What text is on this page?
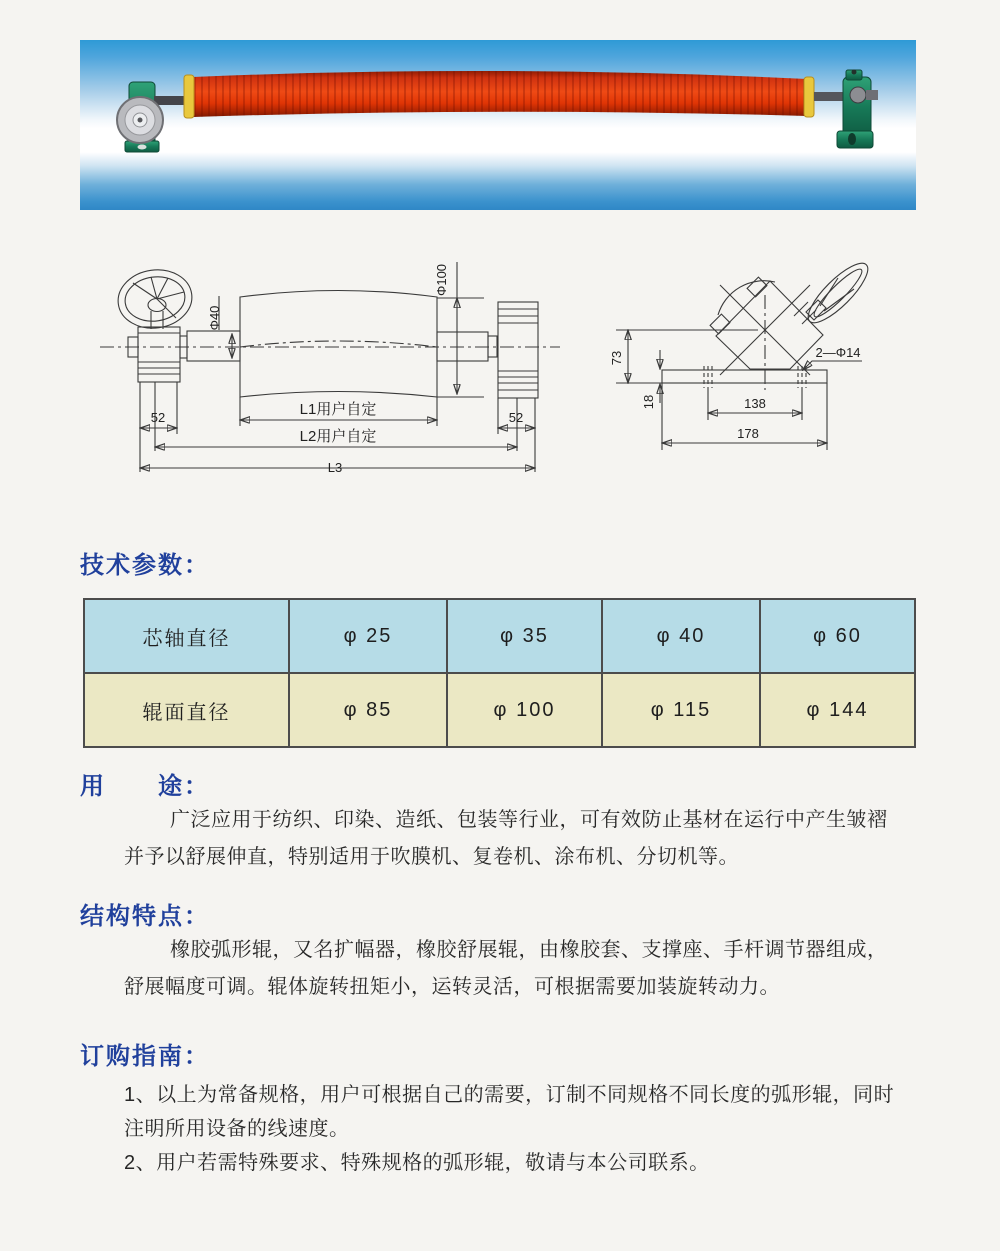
Φ40
Φ100
52	52
L1用户自定
L2用户自定
L3
73
18	138
178
2—Φ14
技术参数：
芯轴直径	φ 25	φ 35	φ 40	φ 60
辊面直径	φ 85	φ 100	φ 115	φ 144
用　　途：
广泛应用于纺织、印染、造纸、包装等行业，可有效防止基材在运行中产生皱褶
并予以舒展伸直，特别适用于吹膜机、复卷机、涂布机、分切机等。
结构特点：
橡胶弧形辊，又名扩幅器，橡胶舒展辊，由橡胶套、支撑座、手杆调节器组成，
舒展幅度可调。辊体旋转扭矩小，运转灵活，可根据需要加装旋转动力。
订购指南：
1、以上为常备规格，用户可根据自己的需要，订制不同规格不同长度的弧形辊，同时
注明所用设备的线速度。
2、用户若需特殊要求、特殊规格的弧形辊，敬请与本公司联系。
